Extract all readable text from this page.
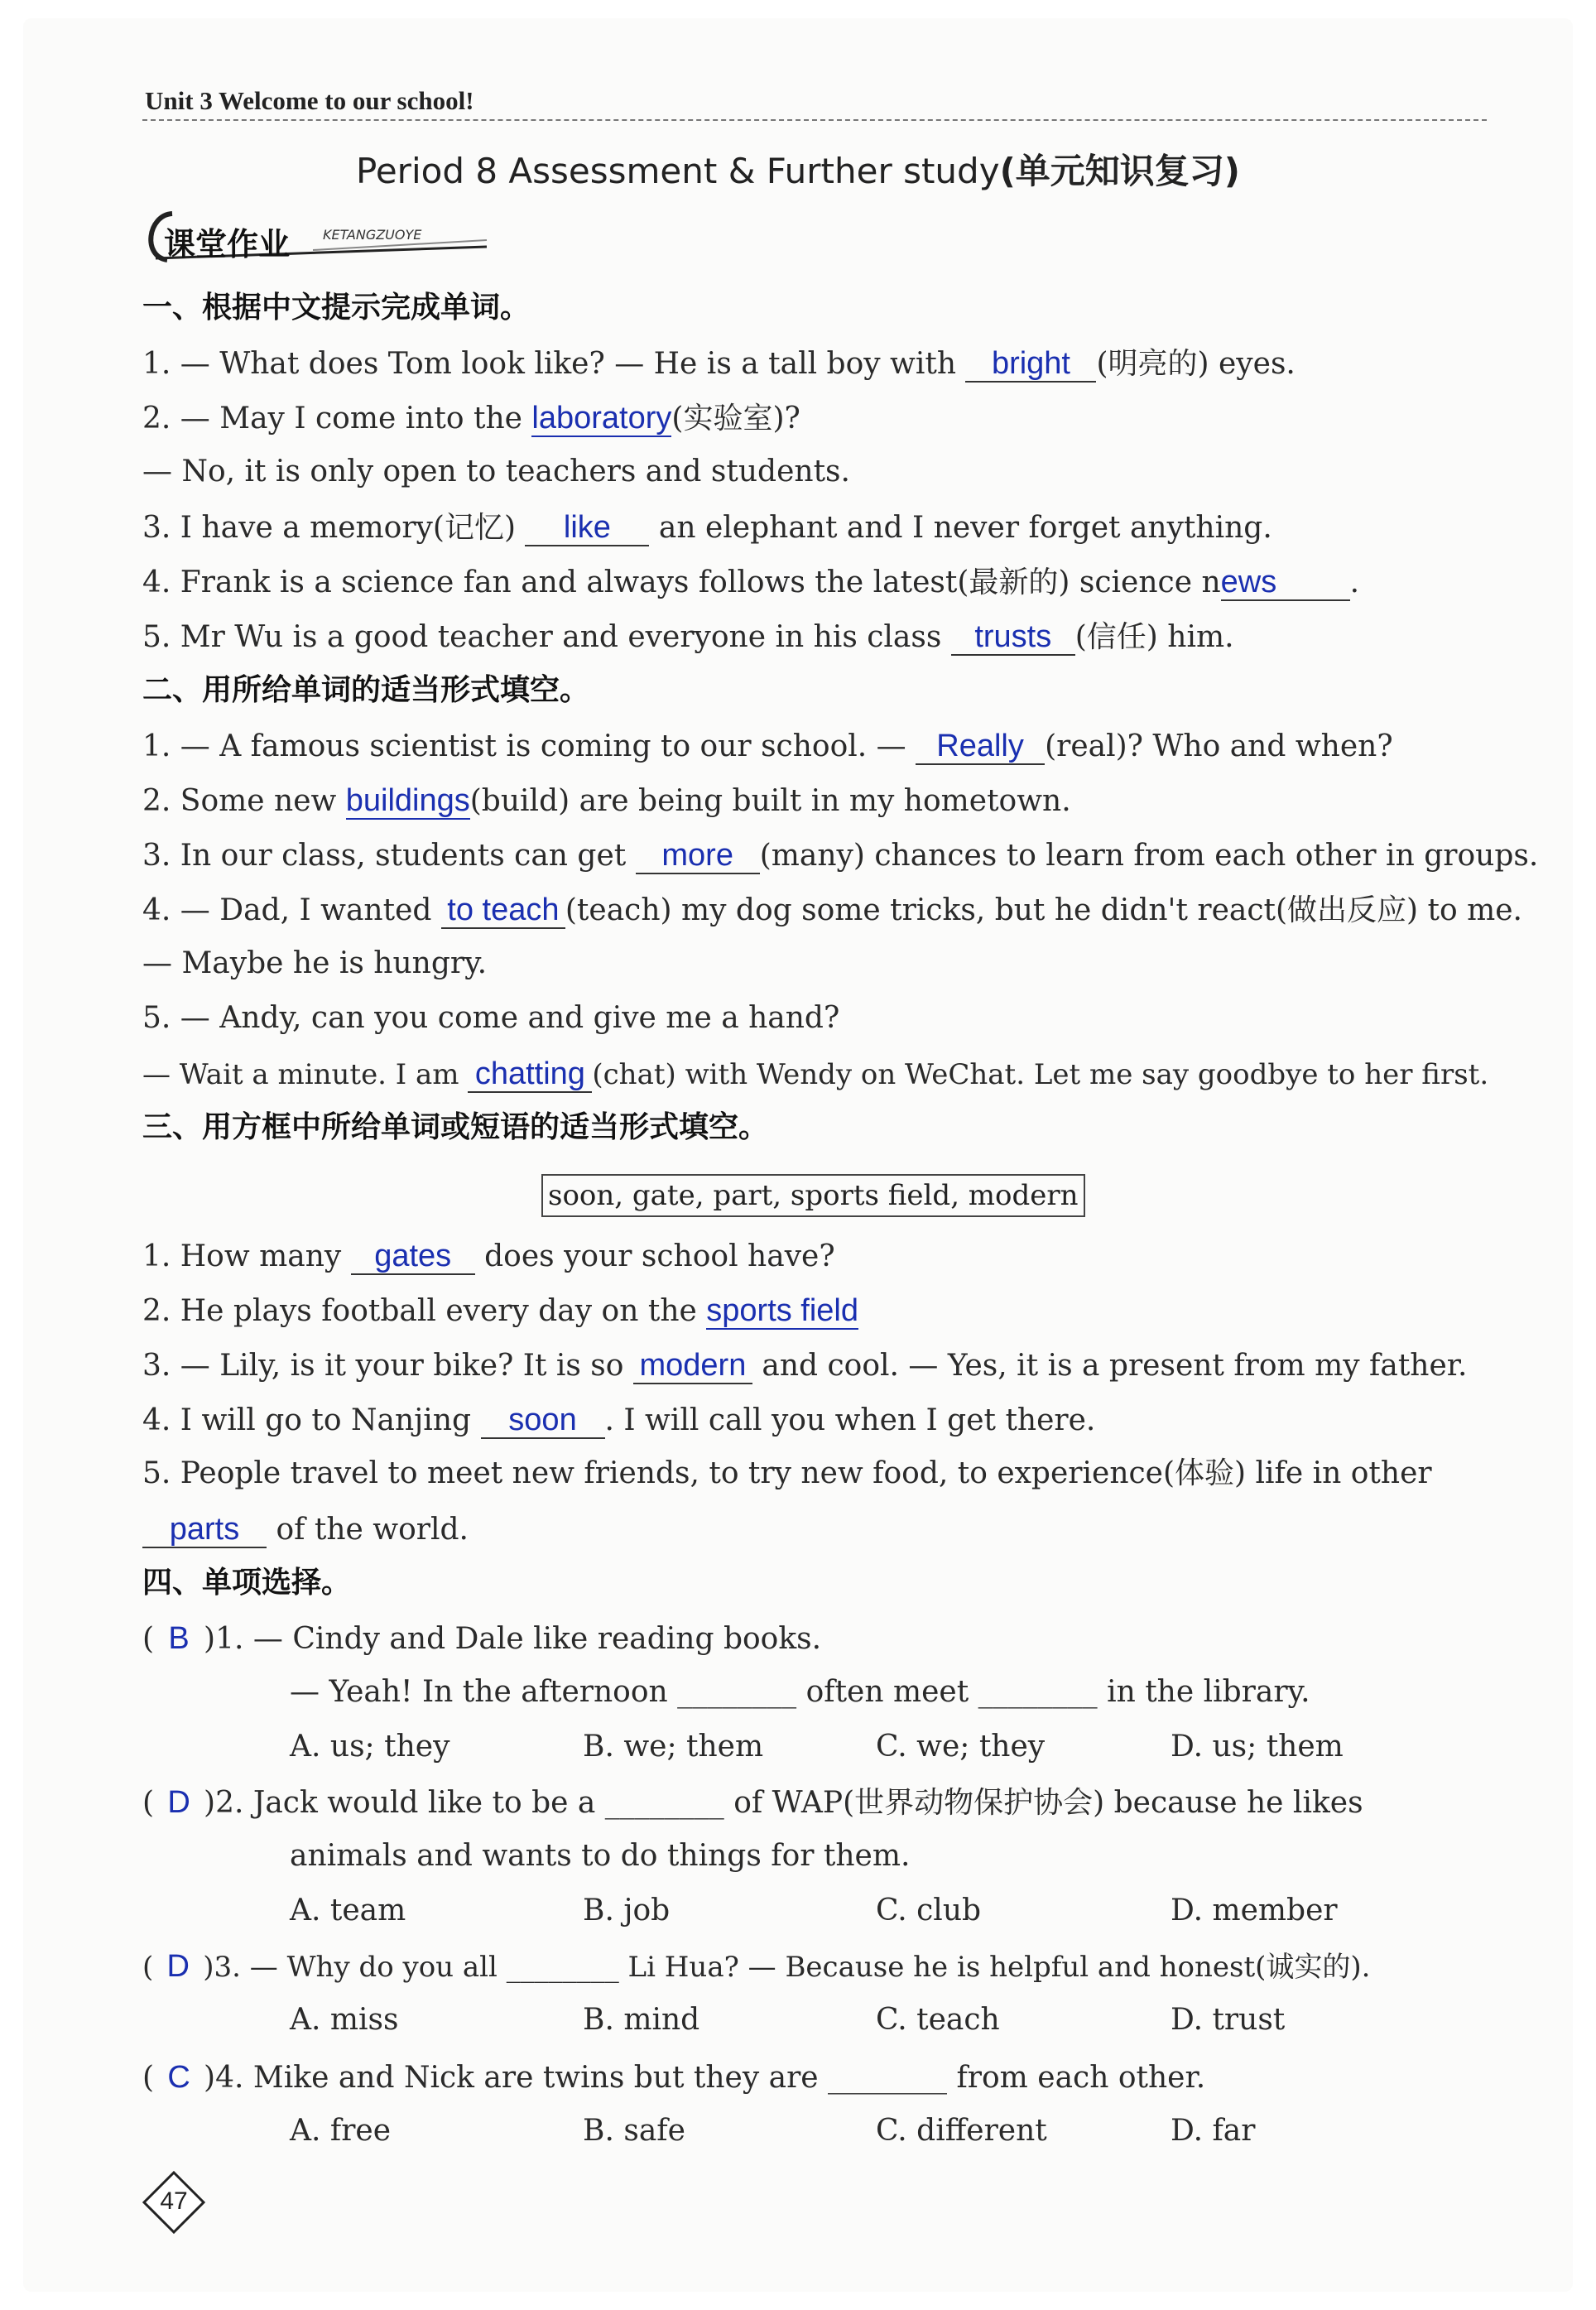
Unit 3 Welcome to our school!
Period 8 Assessment & Further study(单元知识复习)
课堂作业 KETANGZUOYE
一、根据中文提示完成单词。
1. — What does Tom look like? — He is a tall boy with bright (明亮的) eyes.
2. — May I come into the laboratory(实验室)?
— No, it is only open to teachers and students.
3. I have a memory(记忆) like an elephant and I never forget anything.
4. Frank is a science fan and always follows the latest(最新的) science news .
5. Mr Wu is a good teacher and everyone in his class trusts (信任) him.
二、用所给单词的适当形式填空。
1. — A famous scientist is coming to our school. — Really (real)? Who and when?
2. Some new buildings(build) are being built in my hometown.
3. In our class, students can get more (many) chances to learn from each other in groups.
4. — Dad, I wanted to teach (teach) my dog some tricks, but he didn't react(做出反应) to me.
— Maybe he is hungry.
5. — Andy, can you come and give me a hand?
— Wait a minute. I am chatting (chat) with Wendy on WeChat. Let me say goodbye to her first.
三、用方框中所给单词或短语的适当形式填空。
soon, gate, part, sports field, modern
1. How many gates does your school have?
2. He plays football every day on the sports field
3. — Lily, is it your bike? It is so modern and cool. — Yes, it is a present from my father.
4. I will go to Nanjing soon . I will call you when I get there.
5. People travel to meet new friends, to try new food, to experience(体验) life in other
parts of the world.
四、单项选择。
( B )1. — Cindy and Dale like reading books.
— Yeah! In the afternoon ________ often meet ________ in the library.
A. us; they	B. we; them	C. we; they	D. us; them
( D )2. Jack would like to be a ________ of WAP(世界动物保护协会) because he likes
animals and wants to do things for them.
A. team	B. job	C. club	D. member
( D )3. — Why do you all ________ Li Hua? — Because he is helpful and honest(诚实的).
A. miss	B. mind	C. teach	D. trust
( C )4. Mike and Nick are twins but they are ________ from each other.
A. free	B. safe	C. different	D. far
47
